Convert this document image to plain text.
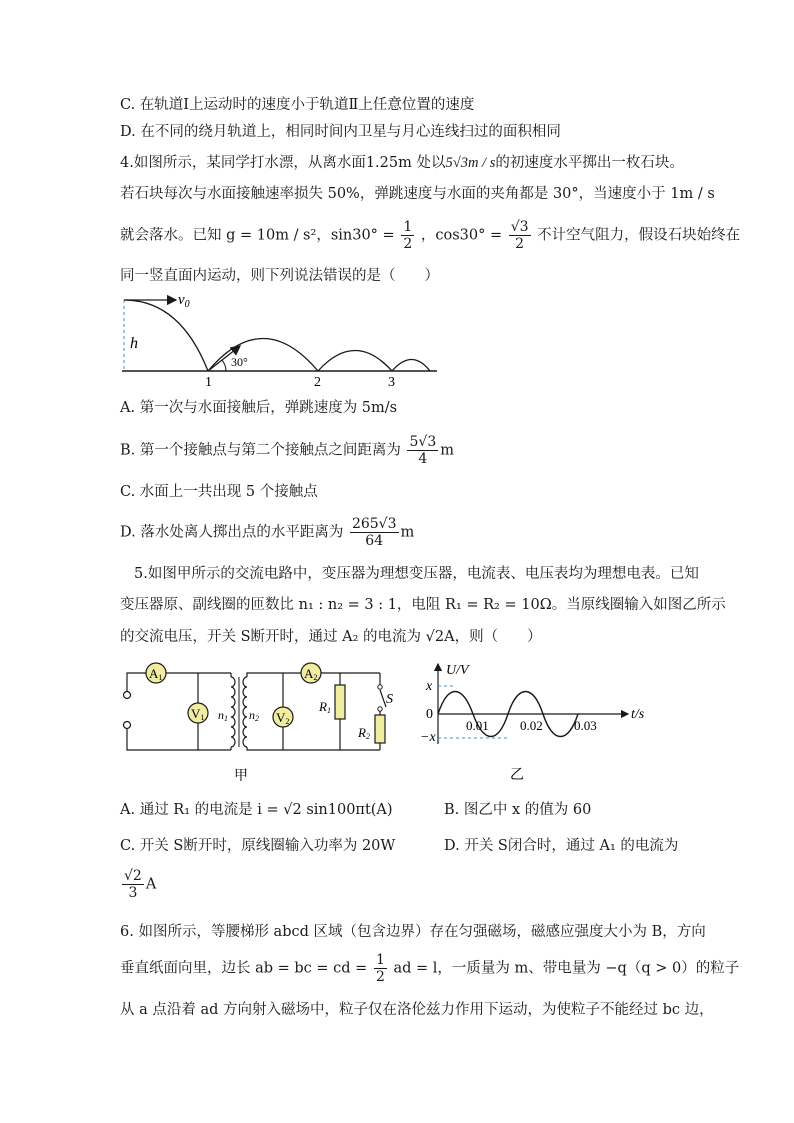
C. 在轨道Ⅰ上运动时的速度小于轨道Ⅱ上任意位置的速度
D. 在不同的绕月轨道上，相同时间内卫星与月心连线扫过的面积相同
4.如图所示，某同学打水漂，从离水面1.25m 处以5√3m / s的初速度水平掷出一枚石块。
若石块每次与水面接触速率损失 50%，弹跳速度与水面的夹角都是 30°，当速度小于 1m / s
就会落水。已知 g = 10m / s²，$\sin 30^\circ = \frac{1}{2}$ ，$\cos 30^\circ = \frac{√3}{2}$ 不计空气阻力，假设石块始终在
同一竖直面内运动，则下列说法错误的是（　　）
$v_0$
h
30°
1	2	3
A. 第一次与水面接触后，弹跳速度为 5m/s
B. 第一个接触点与第二个接触点之间距离为 $\frac{5√3}{4}$ m
C. 水面上一共出现 5 个接触点
D. 落水处离人掷出点的水平距离为 $\frac{265√3}{64}$ m
5.如图甲所示的交流电路中，变压器为理想变压器，电流表、电压表均为理想电表。已知
变压器原、副线圈的匝数比 n₁ : n₂ = 3 : 1，电阻 R₁ = R₂ = 10Ω。当原线圈输入如图乙所示
的交流电压，开关 S断开时，通过 A₂ 的电流为 √2A，则（　　）
A1
V1 n1 n2
A2
V2
R1
S
R2
甲
U/V
t/s
x
−x
0
0.01 0.02 0.03
乙
A. 通过 R₁ 的电流是 i = √2 sin100πt(A)	B. 图乙中 x 的值为 60
C. 开关 S断开时，原线圈输入功率为 20W	D. 开关 S闭合时，通过 A₁ 的电流为
$\frac{√2}{3}$ A
6. 如图所示，等腰梯形 abcd 区域（包含边界）存在匀强磁场，磁感应强度大小为 B，方向
垂直纸面向里，边长 ab = bc = cd = $\frac{1}{2}$ ad = l，一质量为 m、带电量为 −q（q > 0）的粒子
从 a 点沿着 ad 方向射入磁场中，粒子仅在洛伦兹力作用下运动，为使粒子不能经过 bc 边，
